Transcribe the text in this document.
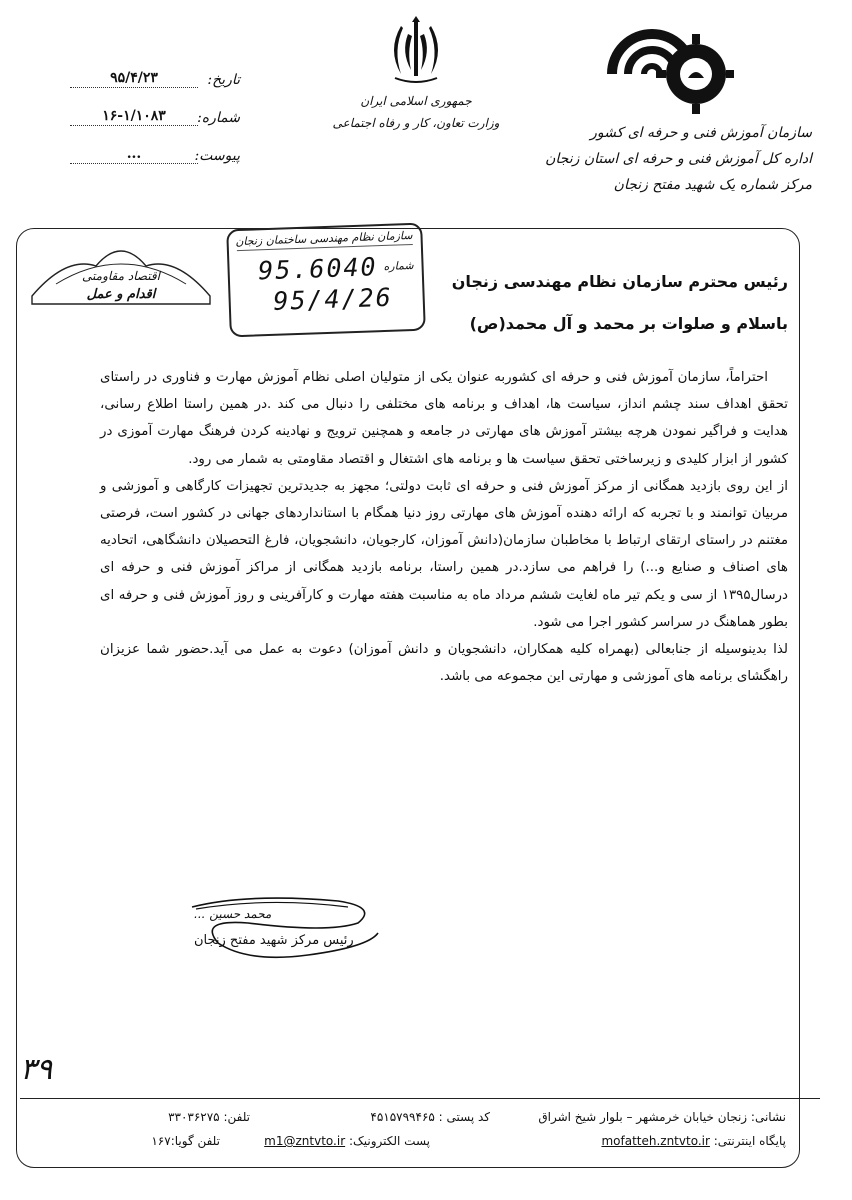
سازمان آموزش فنی و حرفه ای کشور
اداره کل آموزش فنی و حرفه ای استان زنجان
مرکز شماره یک شهید مفتح زنجان
جمهوری اسلامی ایران
وزارت تعاون، کار و رفاه اجتماعی
تاریخ:
۹۵/۴/۲۳
شماره:
۱۶-۱/۱۰۸۳
پیوست:
...
اقتصاد مقاومتی
اقدام و عمل
سازمان نظام مهندسی ساختمان زنجان
شماره
95.6040
95/4/26
رئیس محترم سازمان نظام مهندسی زنجان
باسلام و صلوات بر محمد و آل محمد(ص)

احتراماً، سازمان آموزش فنی و حرفه ای کشوربه عنوان یکی از متولیان اصلی نظام آموزش مهارت و فناوری در راستای تحقق اهداف سند چشم انداز، سیاست ها، اهداف و برنامه های مختلفی را دنبال می کند .در همین راستا اطلاع رسانی، هدایت و فراگیر نمودن هرچه بیشتر آموزش های مهارتی در جامعه و همچنین ترویج و نهادینه کردن فرهنگ مهارت آموزی در کشور از ابزار کلیدی و زیرساختی تحقق سیاست ها و برنامه های اشتغال و اقتصاد مقاومتی به شمار می رود.

از این روی بازدید همگانی از مرکز آموزش فنی و حرفه ای ثابت دولتی؛ مجهز به جدیدترین تجهیزات کارگاهی و آموزشی و مربیان توانمند و با تجربه که ارائه دهنده آموزش های مهارتی روز دنیا همگام با استانداردهای جهانی در کشور است، فرصتی مغتنم در راستای ارتقای ارتباط با مخاطبان سازمان(دانش آموزان، کارجویان، دانشجویان، فارغ التحصیلان دانشگاهی، اتحادیه های اصناف و صنایع و...) را فراهم می سازد.در همین راستا، برنامه بازدید همگانی از مراکز آموزش فنی و حرفه ای درسال۱۳۹۵ از سی و یکم تیر ماه لغایت ششم مرداد ماه به مناسبت هفته مهارت و کارآفرینی و روز آموزش فنی و حرفه ای بطور هماهنگ در سراسر کشور اجرا می شود.

لذا بدینوسیله از جنابعالی (بهمراه کلیه همکاران، دانشجویان و دانش آموزان) دعوت به عمل می آید.حضور شما عزیزان راهگشای برنامه های آموزشی و مهارتی این مجموعه می باشد.

محمد حسین ...
رئیس مرکز شهید مفتح زنجان
۳۹
نشانی: زنجان خیابان خرمشهر – بلوار شیخ اشراق
کد پستی : ۴۵۱۵۷۹۹۴۶۵
تلفن: ۳۳۰۳۶۲۷۵
پایگاه اینترنتی: mofatteh.zntvto.ir
پست الکترونیک: m1@zntvto.ir
تلفن گویا:۱۶۷
